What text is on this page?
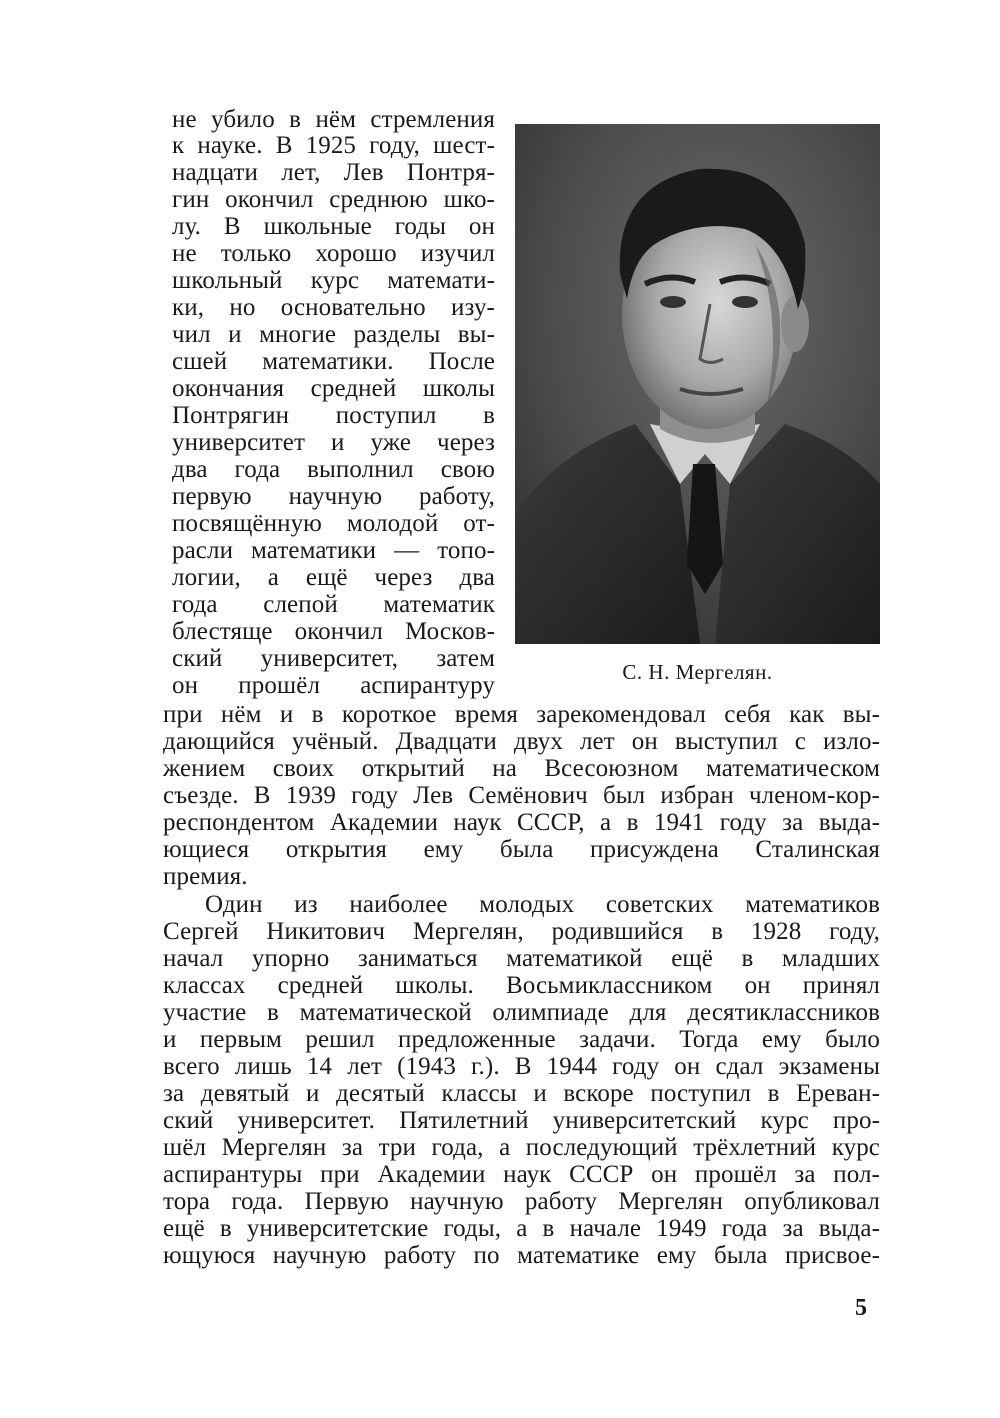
не убило в нём стремления
к науке. В 1925 году, шест-
надцати лет, Лев Понтря-
гин окончил среднюю шко-
лу. В школьные годы он
не только хорошо изучил
школьный курс математи-
ки, но основательно изу-
чил и многие разделы вы-
сшей математики. После
окончания средней школы
Понтрягин поступил в
университет и уже через
два года выполнил свою
первую научную работу,
посвящённую молодой от-
расли математики — топо-
логии, а ещё через два
года слепой математик
блестяще окончил Москов-
ский университет, затем
он прошёл аспирантуру
при нём и в короткое время зарекомендовал себя как вы-
дающийся учёный. Двадцати двух лет он выступил с изло-
жением своих открытий на Всесоюзном математическом
съезде. В 1939 году Лев Семёнович был избран членом-кор-
респондентом Академии наук СССР, а в 1941 году за выда-
ющиеся открытия ему была присуждена Сталинская
премия.
Один из наиболее молодых советских математиков
Сергей Никитович Мергелян, родившийся в 1928 году,
начал упорно заниматься математикой ещё в младших
классах средней школы. Восьмиклассником он принял
участие в математической олимпиаде для десятиклассников
и первым решил предложенные задачи. Тогда ему было
всего лишь 14 лет (1943 г.). В 1944 году он сдал экзамены
за девятый и десятый классы и вскоре поступил в Ереван-
ский университет. Пятилетний университетский курс про-
шёл Мергелян за три года, а последующий трёхлетний курс
аспирантуры при Академии наук СССР он прошёл за пол-
тора года. Первую научную работу Мергелян опубликовал
ещё в университетские годы, а в начале 1949 года за выда-
ющуюся научную работу по математике ему была присвое-
С. Н. Мергелян.
5
